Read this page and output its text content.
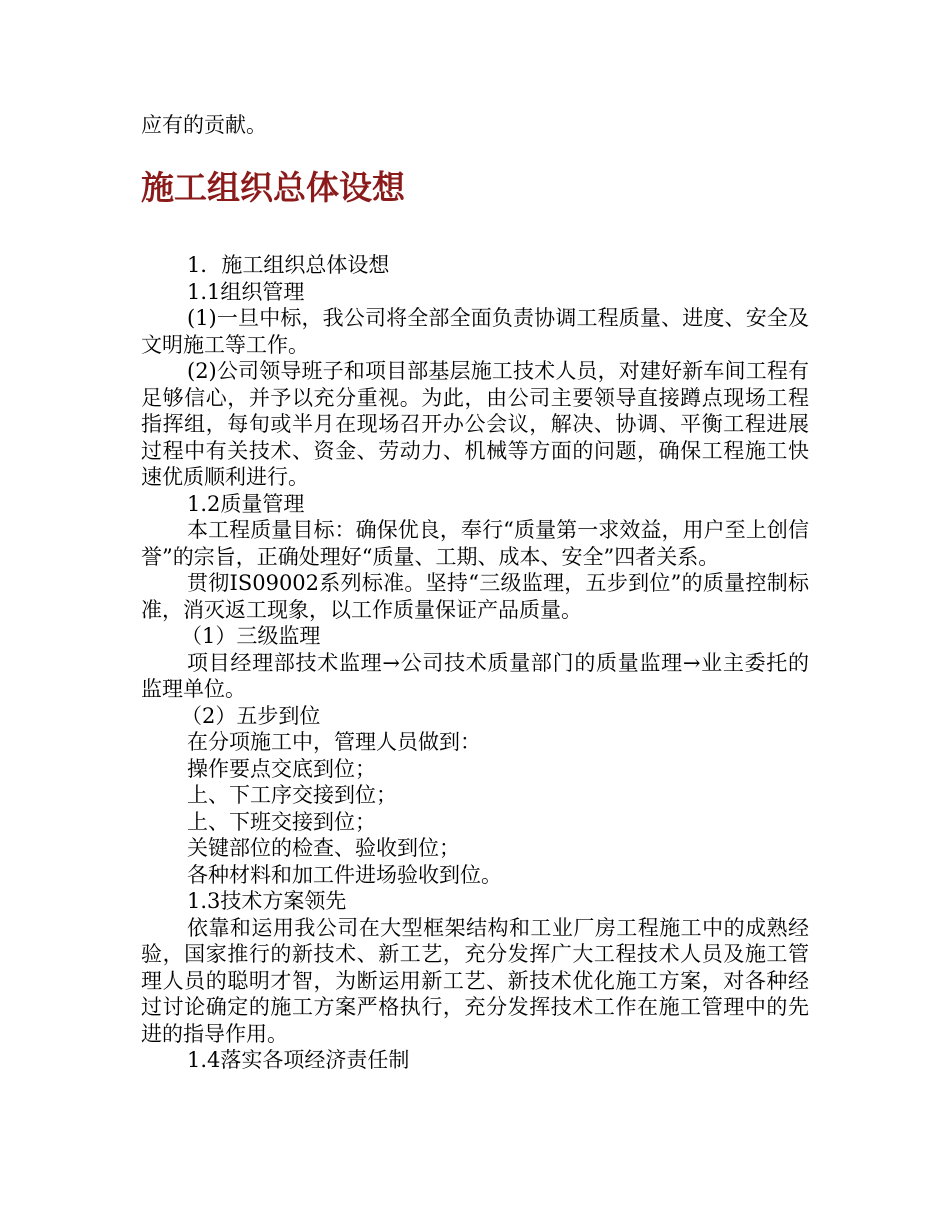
应有的贡献。
施工组织总体设想

1．施工组织总体设想

1.1组织管理

(1)一旦中标，我公司将全部全面负责协调工程质量、进度、安全及文明施工等工作。

(2)公司领导班子和项目部基层施工技术人员，对建好新车间工程有足够信心，并予以充分重视。为此，由公司主要领导直接蹲点现场工程指挥组，每旬或半月在现场召开办公会议，解决、协调、平衡工程进展过程中有关技术、资金、劳动力、机械等方面的问题，确保工程施工快速优质顺利进行。

1.2质量管理

本工程质量目标：确保优良，奉行“质量第一求效益，用户至上创信誉”的宗旨，正确处理好“质量、工期、成本、安全”四者关系。

贯彻IS09002系列标准。坚持“三级监理，五步到位”的质量控制标准，消灭返工现象，以工作质量保证产品质量。

（1）三级监理

项目经理部技术监理→公司技术质量部门的质量监理→业主委托的监理单位。

（2）五步到位

在分项施工中，管理人员做到：

操作要点交底到位；

上、下工序交接到位；

上、下班交接到位；

关键部位的检查、验收到位；

各种材料和加工件进场验收到位。

1.3技术方案领先

依靠和运用我公司在大型框架结构和工业厂房工程施工中的成熟经验，国家推行的新技术、新工艺，充分发挥广大工程技术人员及施工管理人员的聪明才智，为断运用新工艺、新技术优化施工方案，对各种经过讨论确定的施工方案严格执行，充分发挥技术工作在施工管理中的先进的指导作用。

1.4落实各项经济责任制
